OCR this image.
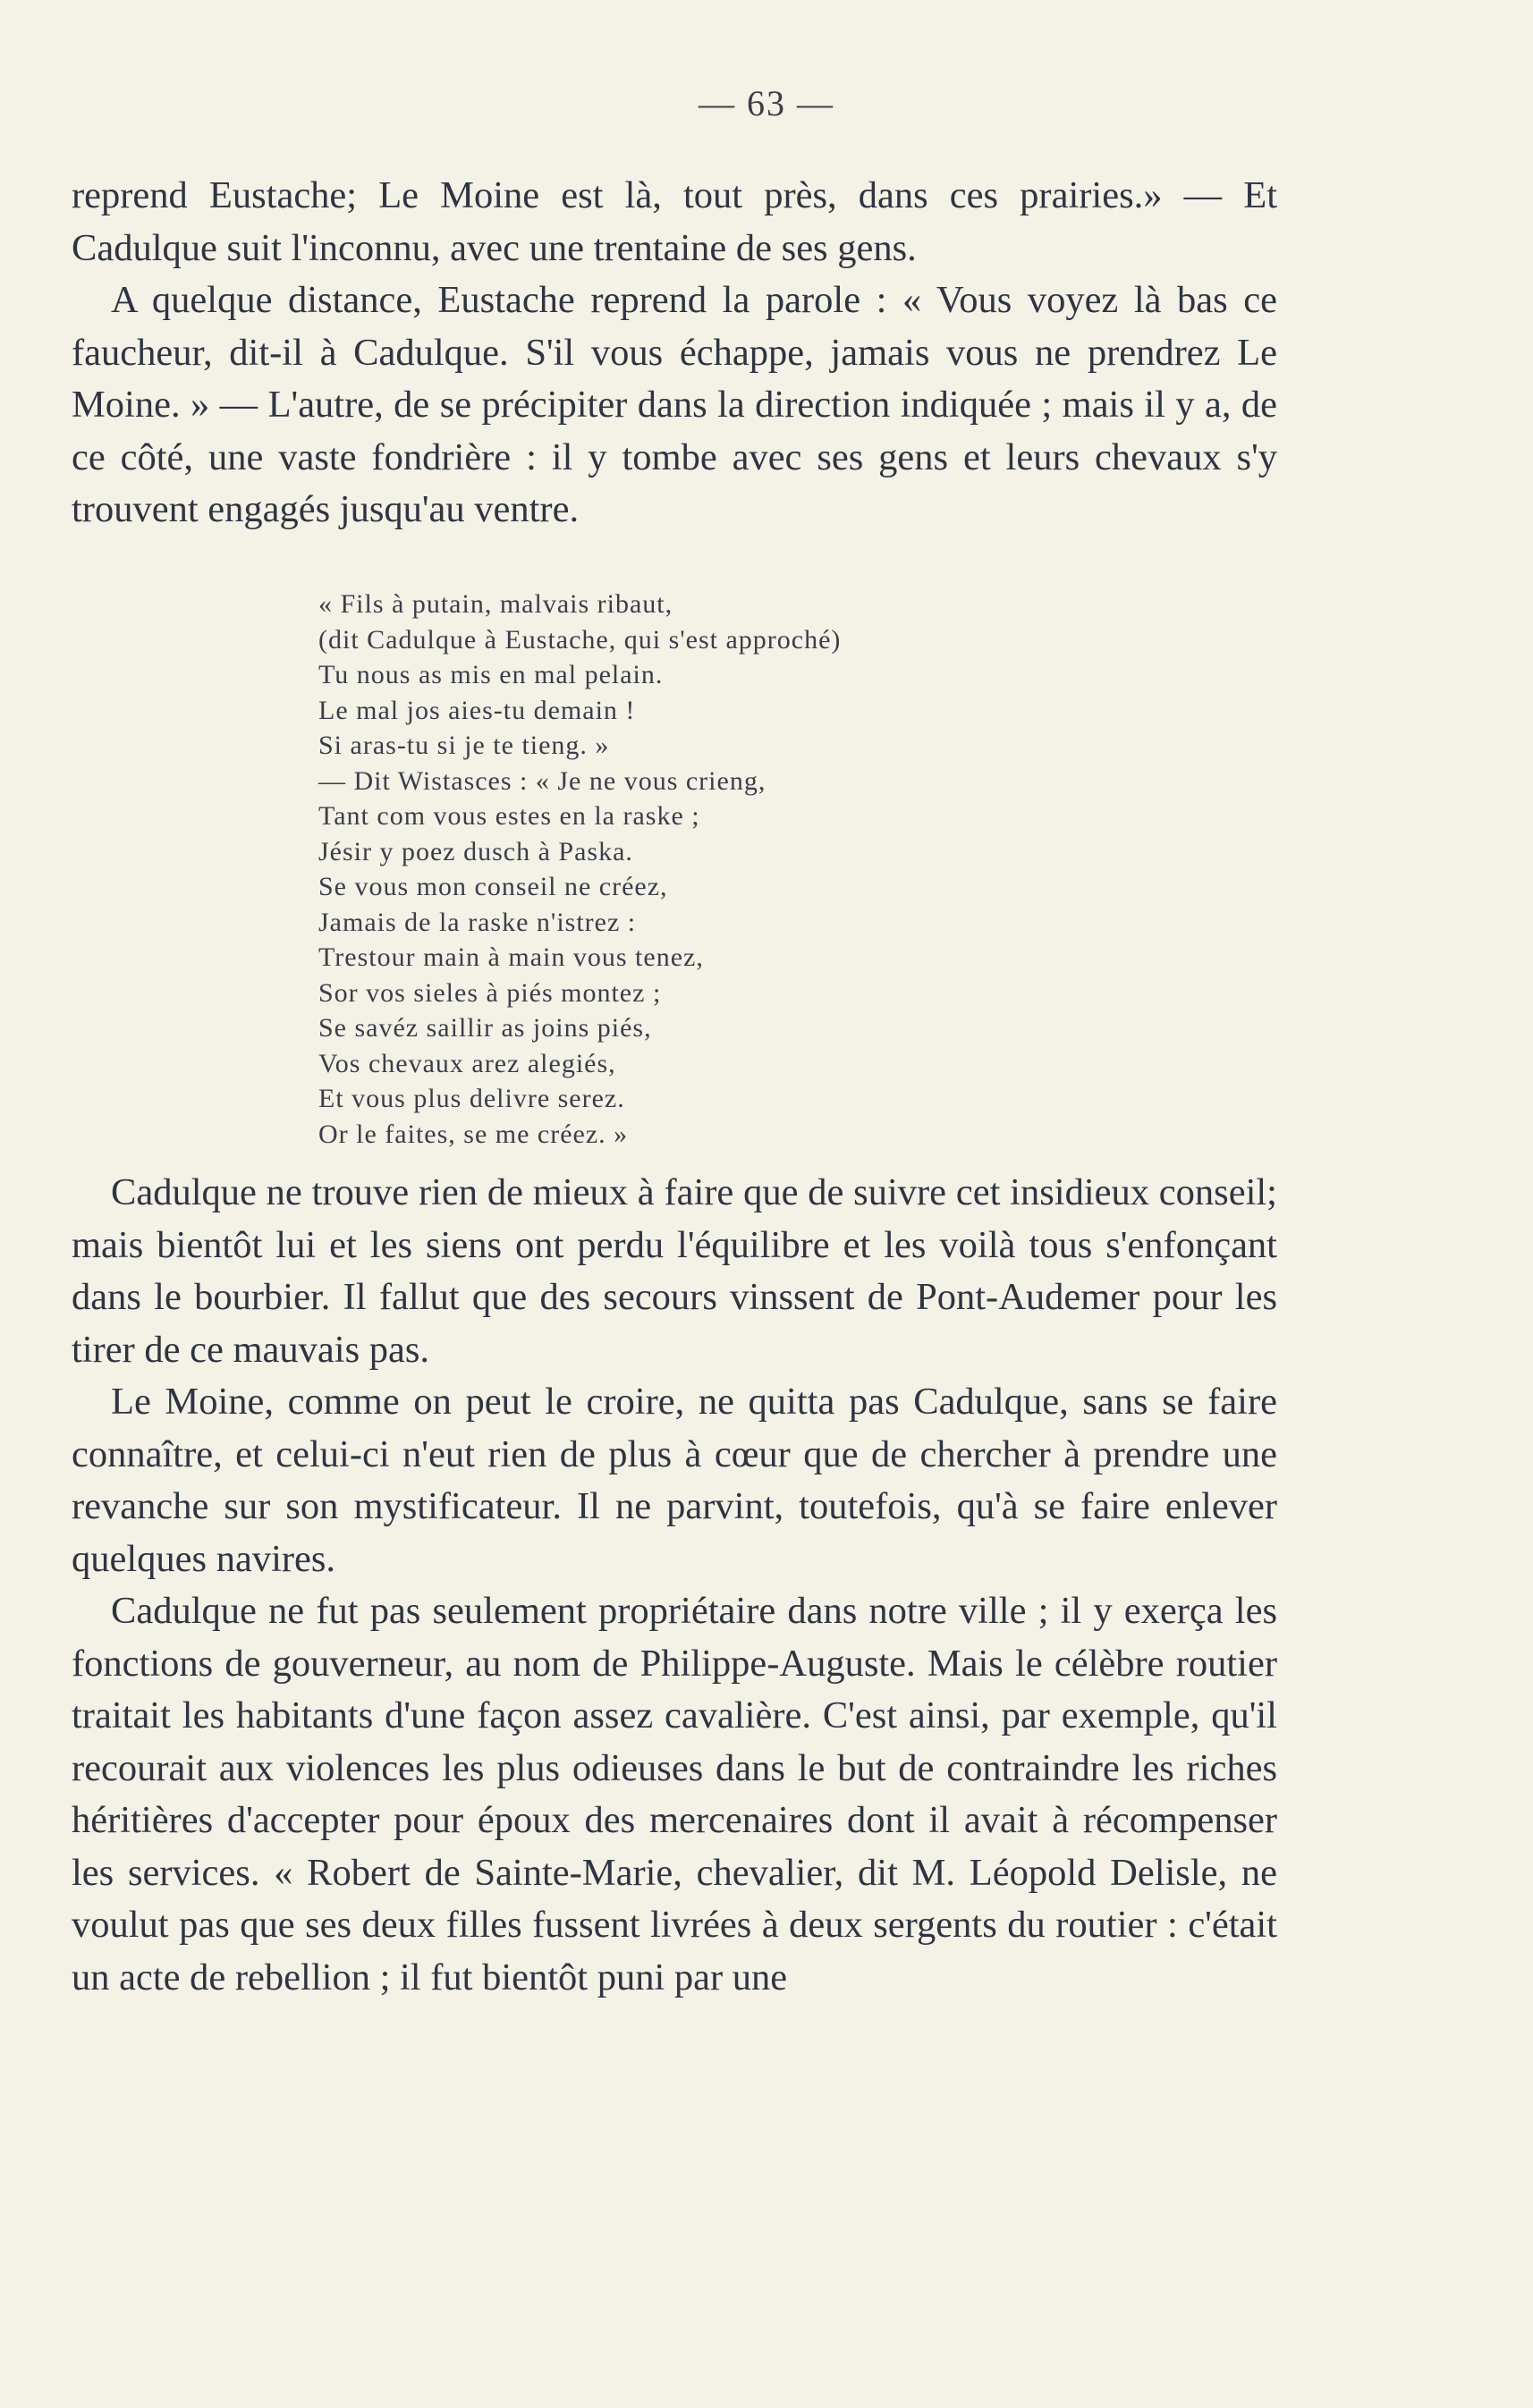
— 63 —

reprend Eustache; Le Moine est là, tout près, dans ces prairies.» — Et Cadulque suit l'inconnu, avec une trentaine de ses gens.

A quelque distance, Eustache reprend la parole : « Vous voyez là bas ce faucheur, dit-il à Cadulque. S'il vous échappe, jamais vous ne prendrez Le Moine. » — L'autre, de se précipiter dans la direction indiquée ; mais il y a, de ce côté, une vaste fondrière : il y tombe avec ses gens et leurs chevaux s'y trouvent engagés jusqu'au ventre.

« Fils à putain, malvais ribaut,
(dit Cadulque à Eustache, qui s'est approché)
Tu nous as mis en mal pelain.
Le mal jos aies-tu demain !
Si aras-tu si je te tieng. »
— Dit Wistasces : « Je ne vous crieng,
Tant com vous estes en la raske ;
Jésir y poez dusch à Paska.
Se vous mon conseil ne créez,
Jamais de la raske n'istrez :
Trestour main à main vous tenez,
Sor vos sieles à piés montez ;
Se savéz saillir as joins piés,
Vos chevaux arez alegiés,
Et vous plus delivre serez.
Or le faites, se me créez. »

Cadulque ne trouve rien de mieux à faire que de suivre cet insidieux conseil; mais bientôt lui et les siens ont perdu l'équilibre et les voilà tous s'enfonçant dans le bourbier. Il fallut que des secours vinssent de Pont-Audemer pour les tirer de ce mauvais pas.

Le Moine, comme on peut le croire, ne quitta pas Cadulque, sans se faire connaître, et celui-ci n'eut rien de plus à cœur que de chercher à prendre une revanche sur son mystificateur. Il ne parvint, toutefois, qu'à se faire enlever quelques navires.

Cadulque ne fut pas seulement propriétaire dans notre ville ; il y exerça les fonctions de gouverneur, au nom de Philippe-Auguste. Mais le célèbre routier traitait les habitants d'une façon assez cavalière. C'est ainsi, par exemple, qu'il recourait aux violences les plus odieuses dans le but de contraindre les riches héritières d'accepter pour époux des mercenaires dont il avait à récompenser les services. « Robert de Sainte-Marie, chevalier, dit M. Léopold Delisle, ne voulut pas que ses deux filles fussent livrées à deux sergents du routier : c'était un acte de rebellion ; il fut bientôt puni par une
